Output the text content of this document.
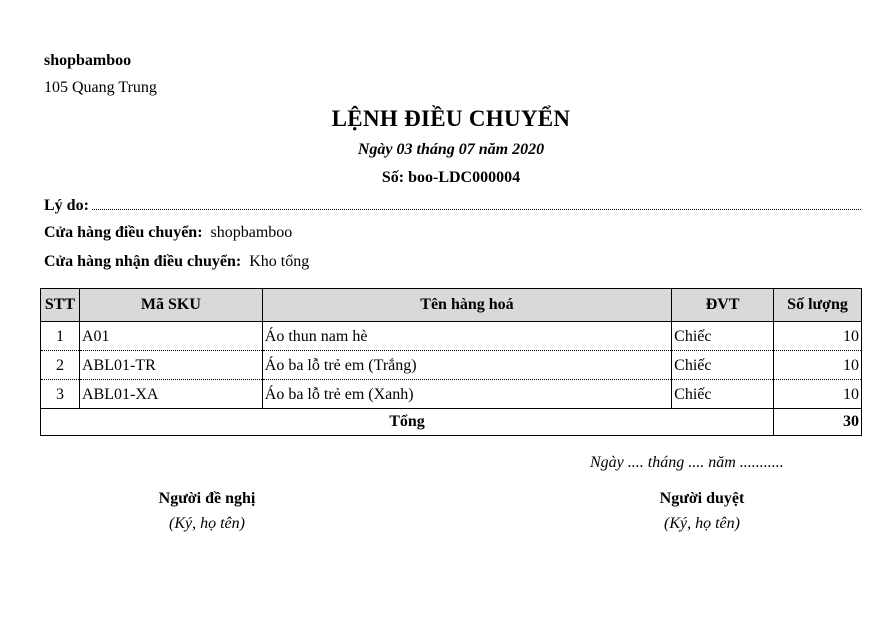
shopbamboo
105 Quang Trung
LỆNH ĐIỀU CHUYỂN
Ngày 03 tháng 07 năm 2020
Số: boo-LDC000004
Lý do:
Cửa hàng điều chuyển: shopbamboo
Cửa hàng nhận điều chuyển: Kho tổng
STT	Mã SKU	Tên hàng hoá	ĐVT	Số lượng
1	A01	Áo thun nam hè	Chiếc	10
2	ABL01-TR	Áo ba lỗ trẻ em (Trắng)	Chiếc	10
3	ABL01-XA	Áo ba lỗ trẻ em (Xanh)	Chiếc	10
Tổng				30
Ngày .... tháng .... năm ...........
Người đề nghị
(Ký, họ tên)
Người duyệt
(Ký, họ tên)
